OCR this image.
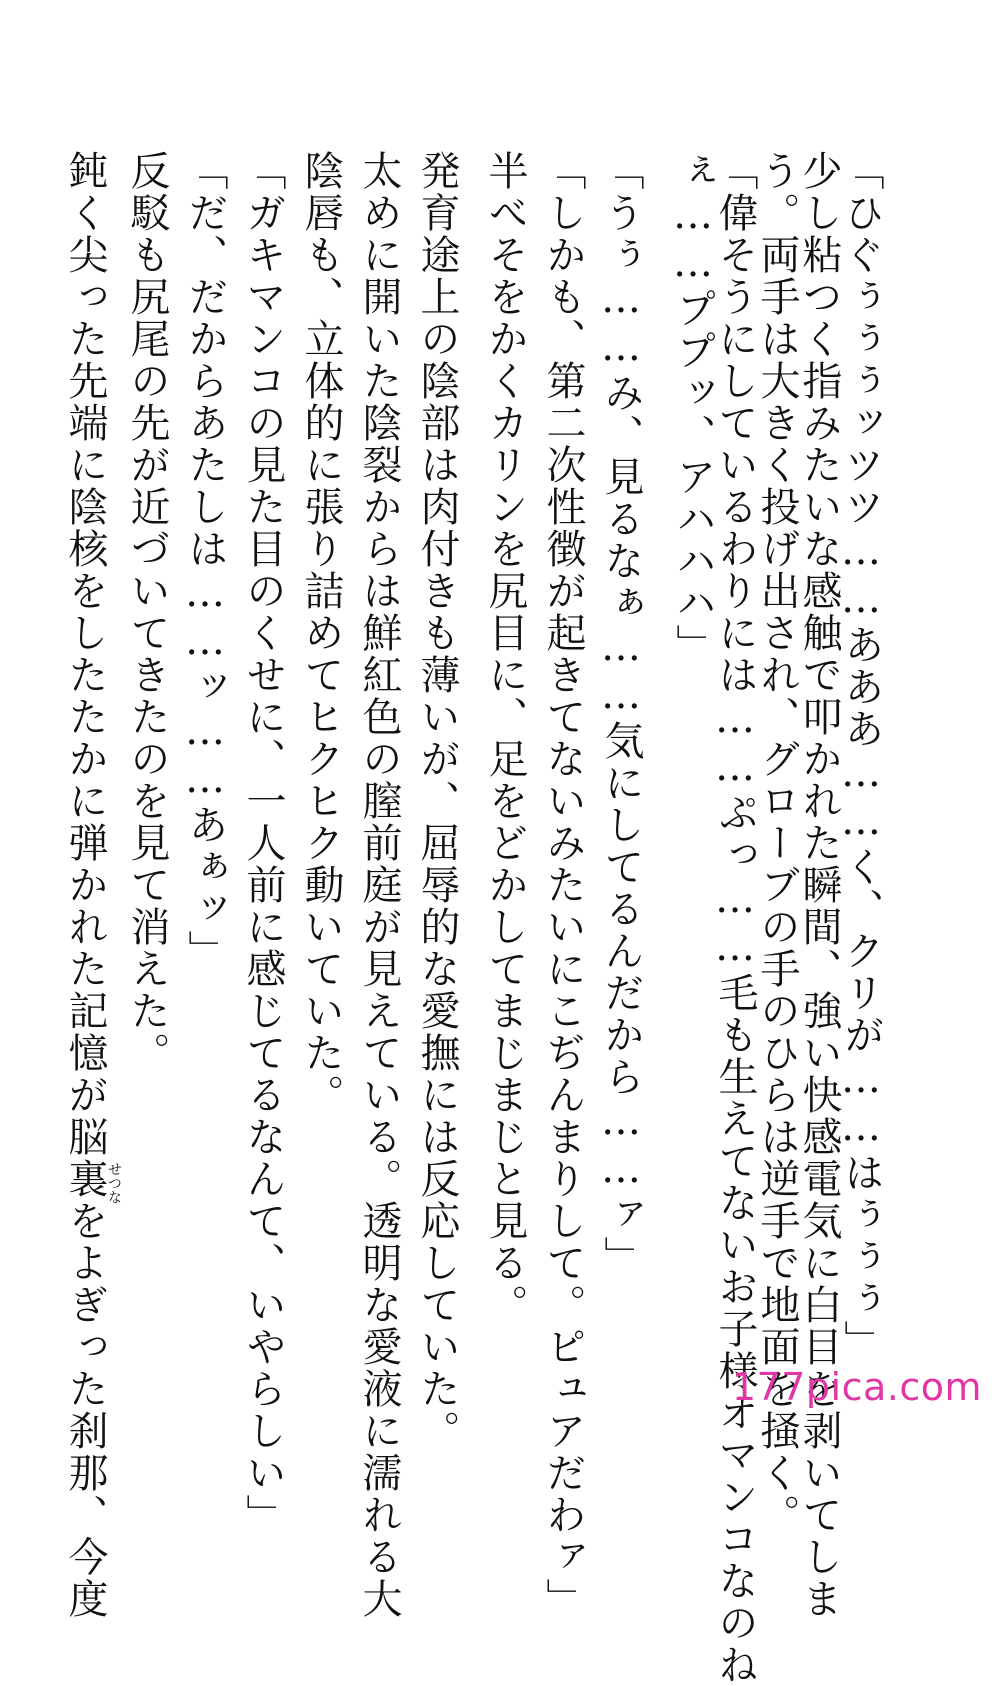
「ひぐぅぅぅッツツ……あああ……く、クリが……はぅぅぅ」
少し粘つく指みたいな感触で叩かれた瞬間、強い快感電気に白目を剥いてしま
う。両手は大きく投げ出され、グローブの手のひらは逆手で地面を掻く。
「偉そうにしているわりには……ぷっ……毛も生えてないお子様オマンコなのね
ぇ……ププッ、アハハハ」
「うぅ……み、見るなぁ……気にしてるんだから……ァ」
「しかも、第二次性徴が起きてないみたいにこぢんまりして。ピュアだわァ」
半べそをかくカリンを尻目に、足をどかしてまじまじと見る。
発育途上の陰部は肉付きも薄いが、屈辱的な愛撫には反応していた。
太めに開いた陰裂からは鮮紅色の膣前庭が見えている。透明な愛液に濡れる大
陰唇も、立体的に張り詰めてヒクヒク動いていた。
「ガキマンコの見た目のくせに、一人前に感じてるなんて、いやらしい」
「だ、だからあたしは……ッ……あぁッ」
反駁も尻尾の先が近づいてきたのを見て消えた。
鈍く尖った先端に陰核をしたたかに弾かれた記憶が脳裏をよぎった刹那、今度
せつな
177pica.com
